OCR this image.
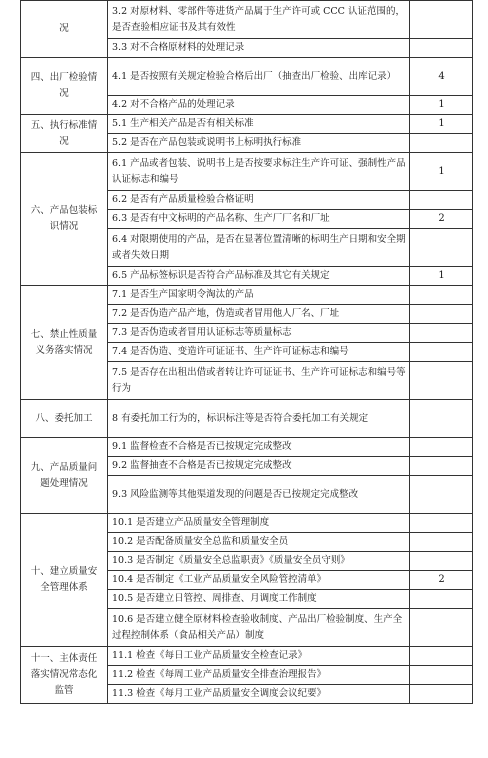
况	3.2 对原材料、零部件等进货产品属于生产许可或 CCC 认证范围的，是否查验相应证书及其有效性	
	3.3 对不合格原材料的处理记录	
四、出厂检验情况	4.1 是否按照有关规定检验合格后出厂（抽查出厂检验、出库记录）	4
	4.2 对不合格产品的处理记录	1
五、执行标准情况	5.1 生产相关产品是否有相关标准	1
	5.2 是否在产品包装或说明书上标明执行标准	
六、产品包装标识情况	6.1 产品或者包装、说明书上是否按要求标注生产许可证、强制性产品认证标志和编号	1
	6.2 是否有产品质量检验合格证明	
	6.3 是否有中文标明的产品名称、生产厂厂名和厂址	2
	6.4 对限期使用的产品，是否在显著位置清晰的标明生产日期和安全期或者失效日期	
	6.5 产品标签标识是否符合产品标准及其它有关规定	1
七、禁止性质量义务落实情况	7.1 是否生产国家明令淘汰的产品	
	7.2 是否伪造产品产地，伪造或者冒用他人厂名、厂址	
	7.3 是否伪造或者冒用认证标志等质量标志	
	7.4 是否伪造、变造许可证证书、生产许可证标志和编号	
	7.5 是否存在出租出借或者转让许可证证书、生产许可证标志和编号等行为	
八、委托加工	8 有委托加工行为的，标识标注等是否符合委托加工有关规定	
九、产品质量问题处理情况	9.1 监督检查不合格是否已按规定完成整改	
	9.2 监督抽查不合格是否已按规定完成整改	
	9.3 风险监测等其他渠道发现的问题是否已按规定完成整改	
十、建立质量安全管理体系	10.1 是否建立产品质量安全管理制度	
	10.2 是否配备质量安全总监和质量安全员	
	10.3 是否制定《质量安全总监职责》《质量安全员守则》	
	10.4 是否制定《工业产品质量安全风险管控清单》	2
	10.5 是否建立日管控、周排查、月调度工作制度	
	10.6 是否建立健全原材料检查验收制度、产品出厂检验制度、生产全过程控制体系（食品相关产品）制度	
十一、主体责任落实情况常态化监管	11.1 检查《每日工业产品质量安全检查记录》	
	11.2 检查《每周工业产品质量安全排查治理报告》	
	11.3 检查《每月工业产品质量安全调度会议纪要》	
